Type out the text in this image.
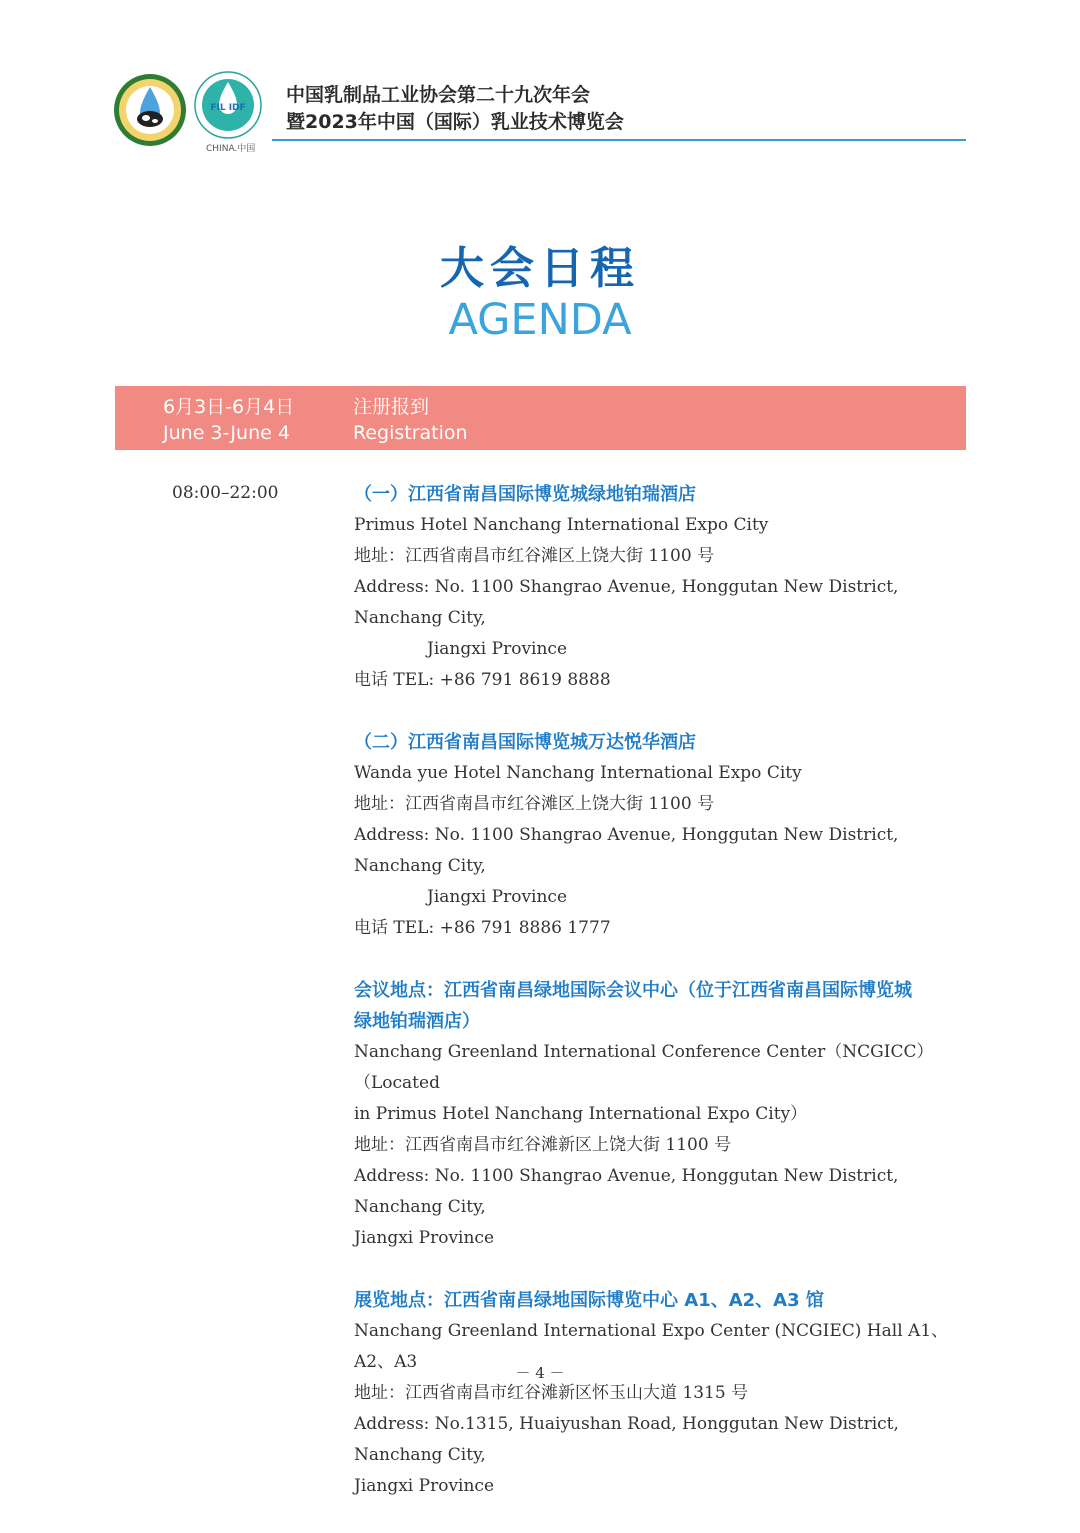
FIL IDF
CHINA.中国
中国乳制品工业协会第二十九次年会
暨2023年中国（国际）乳业技术博览会
大会日程
AGENDA
6月3日-6月4日
June 3-June 4
注册报到
Registration
08:00–22:00	（一）江西省南昌国际博览城绿地铂瑞酒店
Primus Hotel Nanchang International Expo City
地址：江西省南昌市红谷滩区上饶大街 1100 号
Address: No. 1100 Shangrao Avenue, Honggutan New District, Nanchang City,
Jiangxi Province
电话 TEL: +86 791 8619 8888
（二）江西省南昌国际博览城万达悦华酒店
Wanda yue Hotel Nanchang International Expo City
地址：江西省南昌市红谷滩区上饶大街 1100 号
Address: No. 1100 Shangrao Avenue, Honggutan New District, Nanchang City,
Jiangxi Province
电话 TEL: +86 791 8886 1777
会议地点：江西省南昌绿地国际会议中心（位于江西省南昌国际博览城
绿地铂瑞酒店）
Nanchang Greenland International Conference Center（NCGICC）（Located
in Primus Hotel Nanchang International Expo City）
地址：江西省南昌市红谷滩新区上饶大街 1100 号
Address: No. 1100 Shangrao Avenue, Honggutan New District, Nanchang City,
Jiangxi Province
展览地点：江西省南昌绿地国际博览中心 A1、A2、A3 馆
Nanchang Greenland International Expo Center (NCGIEC) Hall A1、A2、A3
地址：江西省南昌市红谷滩新区怀玉山大道 1315 号
Address: No.1315, Huaiyushan Road, Honggutan New District, Nanchang City,
Jiangxi Province
－ 4 －
